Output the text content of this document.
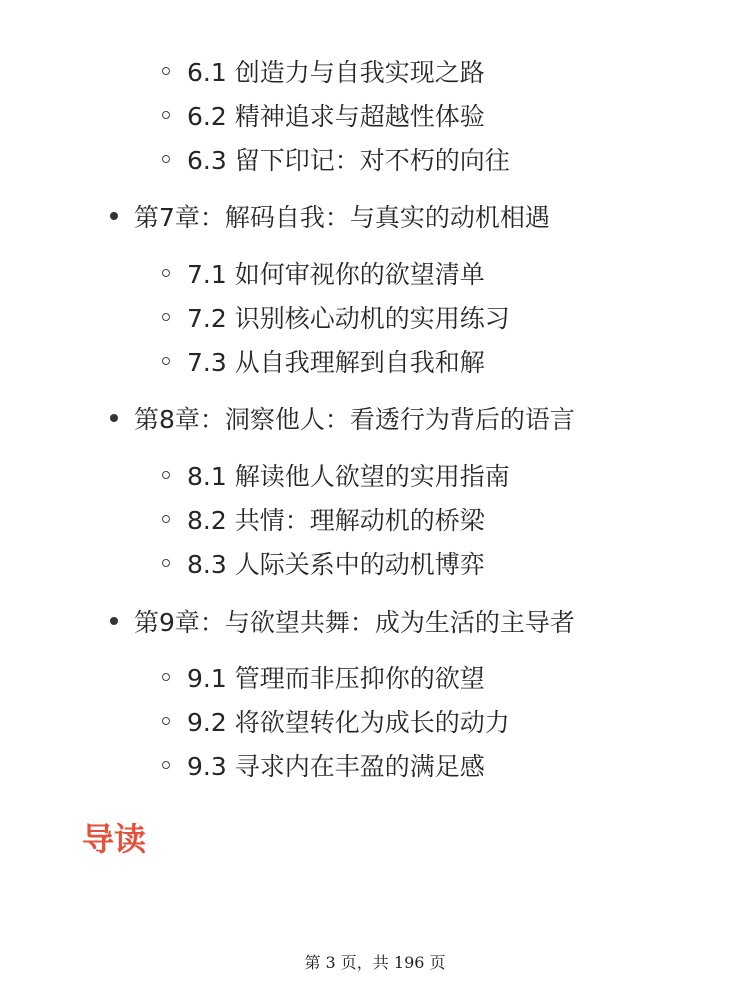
6.1 创造力与自我实现之路
6.2 精神追求与超越性体验
6.3 留下印记：对不朽的向往
第7章：解码自我：与真实的动机相遇
7.1 如何审视你的欲望清单
7.2 识别核心动机的实用练习
7.3 从自我理解到自我和解
第8章：洞察他人：看透行为背后的语言
8.1 解读他人欲望的实用指南
8.2 共情：理解动机的桥梁
8.3 人际关系中的动机博弈
第9章：与欲望共舞：成为生活的主导者
9.1 管理而非压抑你的欲望
9.2 将欲望转化为成长的动力
9.3 寻求内在丰盈的满足感
导读
第 3 页，共 196 页
